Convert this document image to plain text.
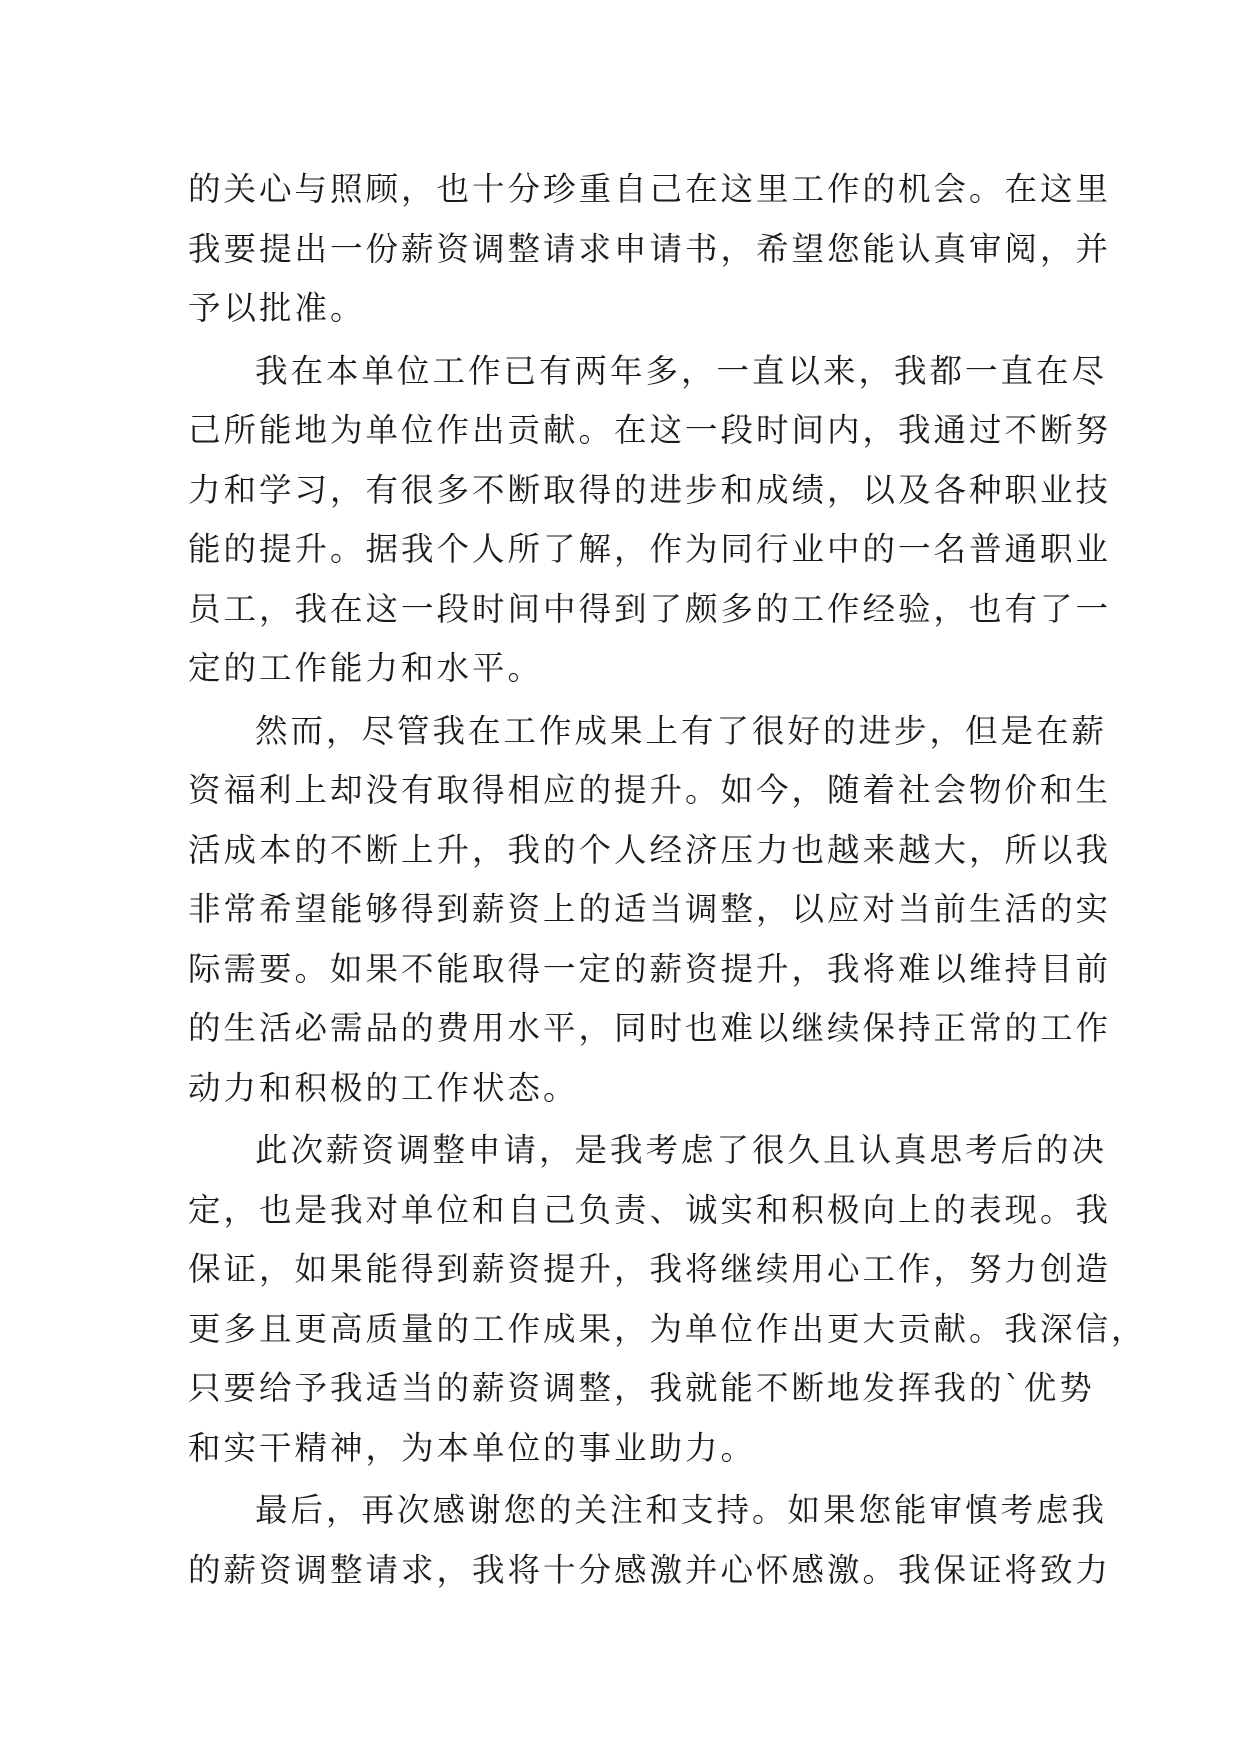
的关心与照顾，也十分珍重自己在这里工作的机会。在这里
我要提出一份薪资调整请求申请书，希望您能认真审阅，并
予以批准。
我在本单位工作已有两年多，一直以来，我都一直在尽
己所能地为单位作出贡献。在这一段时间内，我通过不断努
力和学习，有很多不断取得的进步和成绩，以及各种职业技
能的提升。据我个人所了解，作为同行业中的一名普通职业
员工，我在这一段时间中得到了颇多的工作经验，也有了一
定的工作能力和水平。
然而，尽管我在工作成果上有了很好的进步，但是在薪
资福利上却没有取得相应的提升。如今，随着社会物价和生
活成本的不断上升，我的个人经济压力也越来越大，所以我
非常希望能够得到薪资上的适当调整，以应对当前生活的实
际需要。如果不能取得一定的薪资提升，我将难以维持目前
的生活必需品的费用水平，同时也难以继续保持正常的工作
动力和积极的工作状态。
此次薪资调整申请，是我考虑了很久且认真思考后的决
定，也是我对单位和自己负责、诚实和积极向上的表现。我
保证，如果能得到薪资提升，我将继续用心工作，努力创造
更多且更高质量的工作成果，为单位作出更大贡献。我深信，
只要给予我适当的薪资调整，我就能不断地发挥我的`优势
和实干精神，为本单位的事业助力。
最后，再次感谢您的关注和支持。如果您能审慎考虑我
的薪资调整请求，我将十分感激并心怀感激。我保证将致力
